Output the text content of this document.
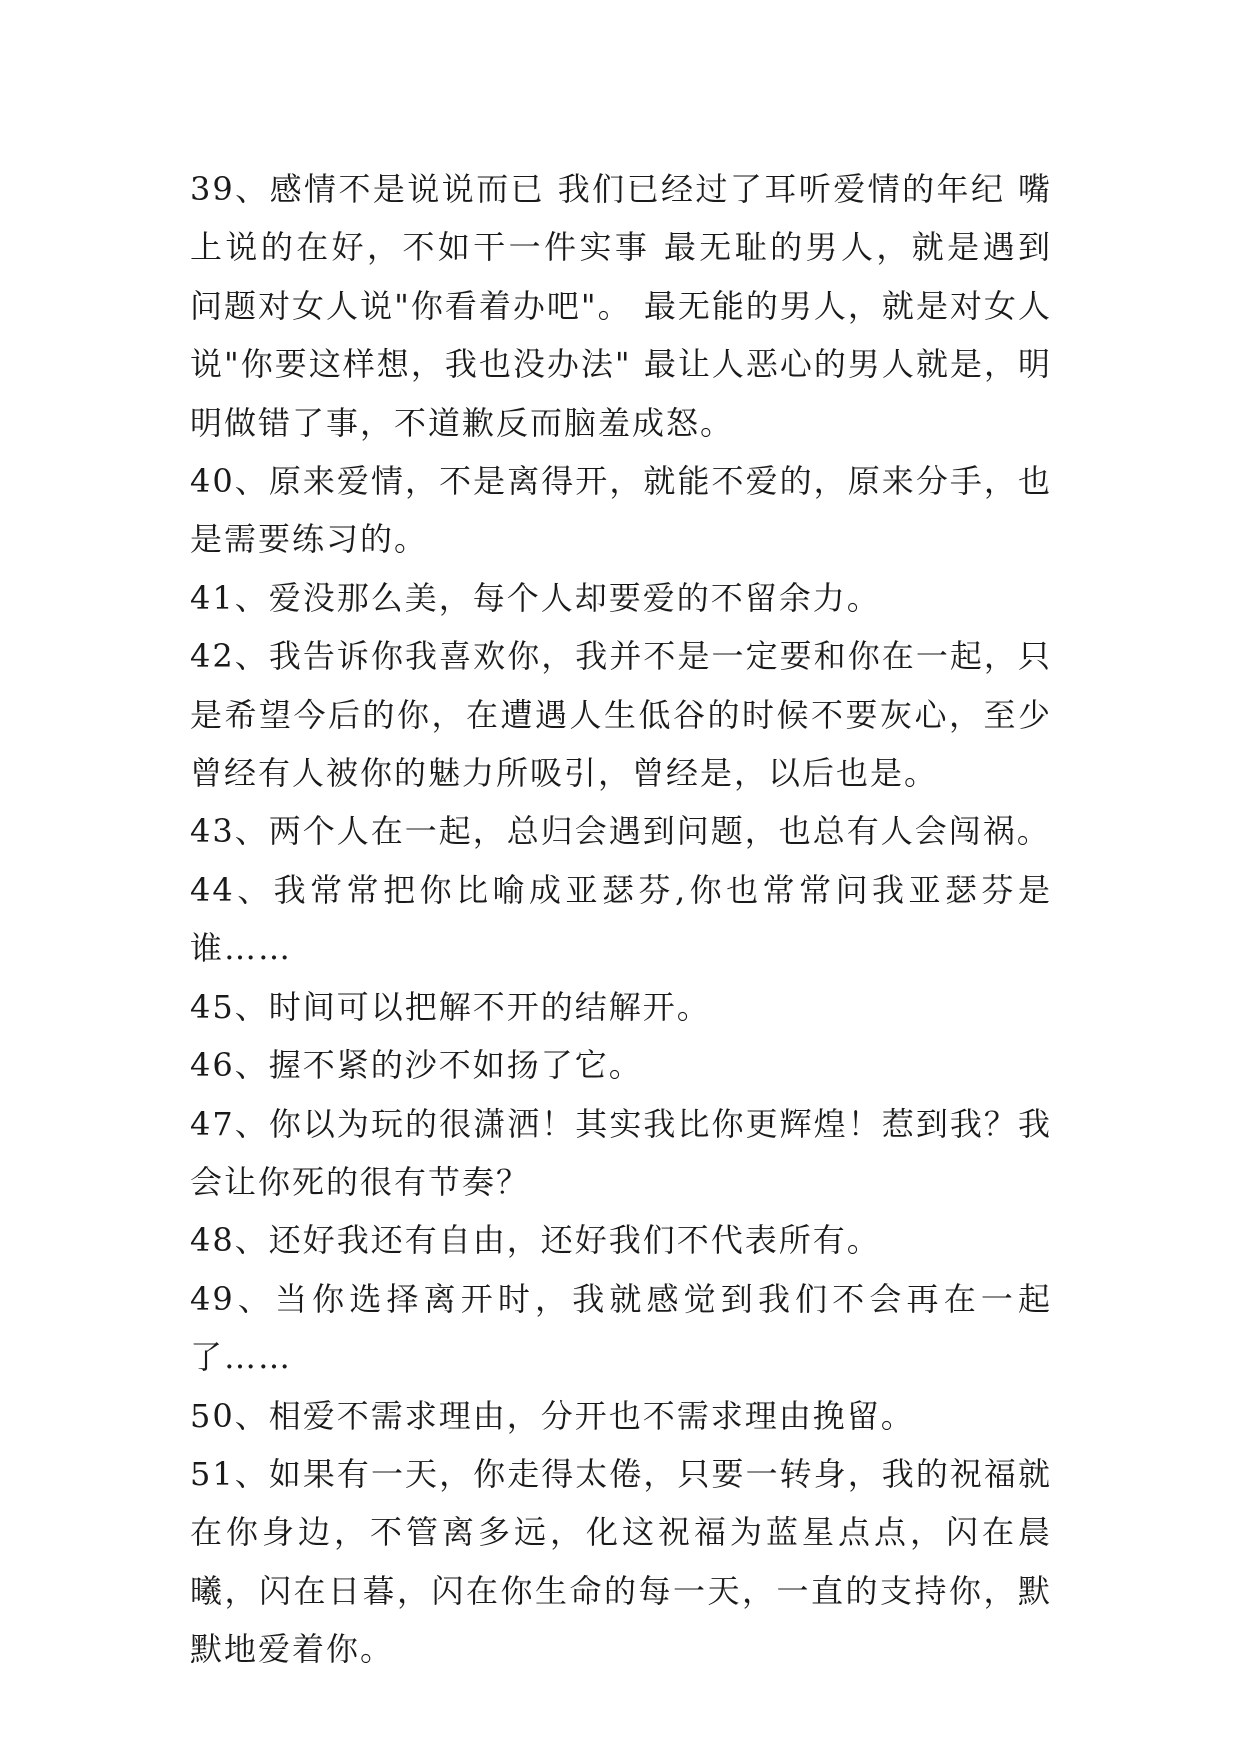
39、感情不是说说而已 我们已经过了耳听爱情的年纪 嘴上说的在好，不如干一件实事 最无耻的男人，就是遇到问题对女人说"你看着办吧"。 最无能的男人，就是对女人说"你要这样想，我也没办法" 最让人恶心的男人就是，明明做错了事，不道歉反而脑羞成怒。

40、原来爱情，不是离得开，就能不爱的，原来分手，也是需要练习的。

41、爱没那么美，每个人却要爱的不留余力。

42、我告诉你我喜欢你，我并不是一定要和你在一起，只是希望今后的你，在遭遇人生低谷的时候不要灰心，至少曾经有人被你的魅力所吸引，曾经是，以后也是。

43、两个人在一起，总归会遇到问题，也总有人会闯祸。

44、我常常把你比喻成亚瑟芬,你也常常问我亚瑟芬是谁……

45、时间可以把解不开的结解开。

46、握不紧的沙不如扬了它。

47、你以为玩的很潇洒！其实我比你更辉煌！惹到我？我会让你死的很有节奏？

48、还好我还有自由，还好我们不代表所有。

49、当你选择离开时，我就感觉到我们不会再在一起了……

50、相爱不需求理由，分开也不需求理由挽留。

51、如果有一天，你走得太倦，只要一转身，我的祝福就在你身边，不管离多远，化这祝福为蓝星点点，闪在晨曦，闪在日暮，闪在你生命的每一天，一直的支持你，默默地爱着你。
